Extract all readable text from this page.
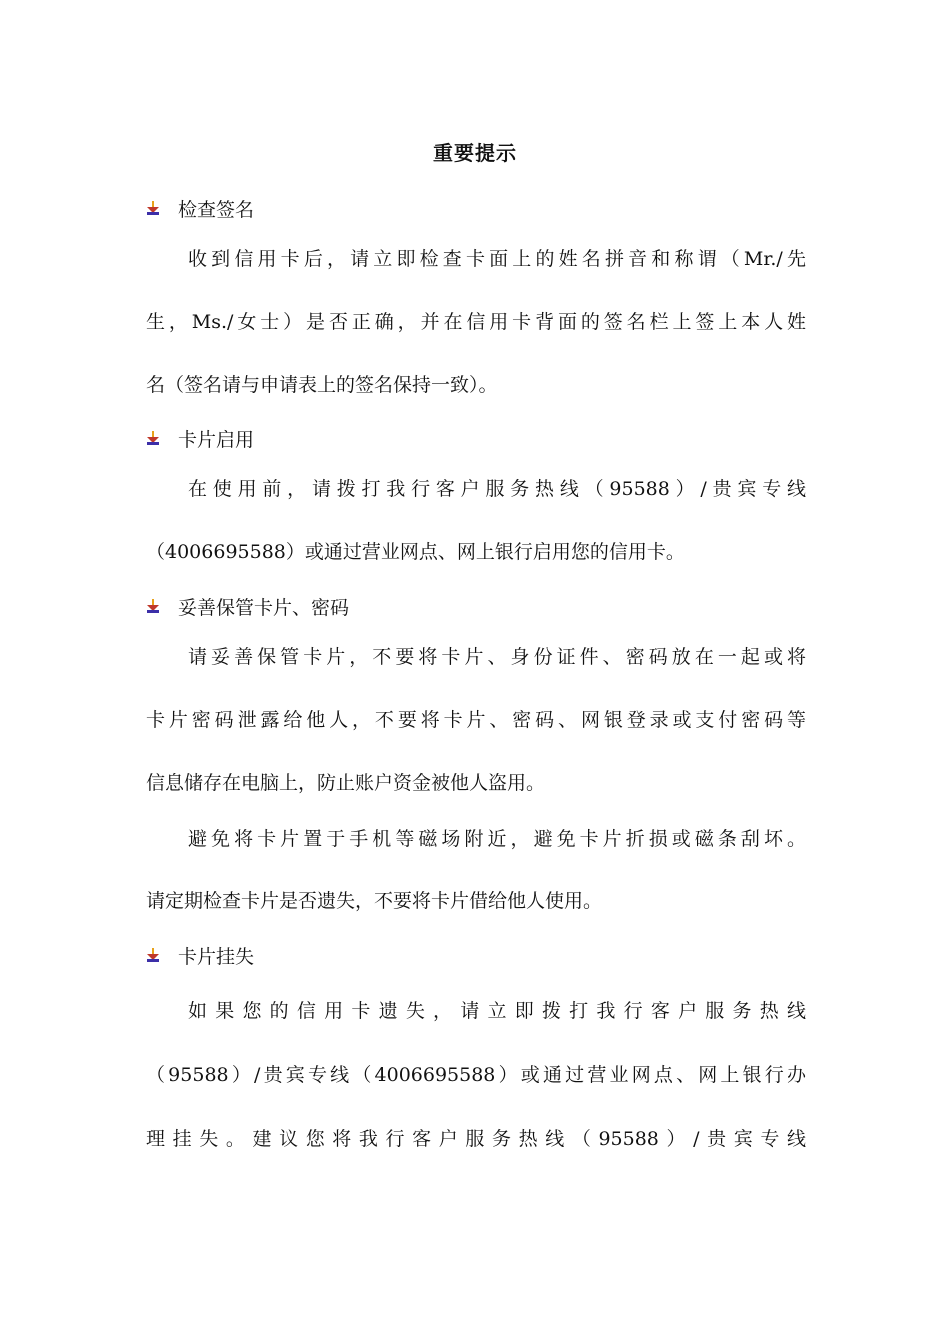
重要提示
检查签名
收到信用卡后，请立即检查卡面上的姓名拼音和称谓（Mr./先
生，Ms./女士）是否正确，并在信用卡背面的签名栏上签上本人姓
名（签名请与申请表上的签名保持一致）。
卡片启用
在使用前，请拨打我行客户服务热线（95588）/贵宾专线
（4006695588）或通过营业网点、网上银行启用您的信用卡。
妥善保管卡片、密码
请妥善保管卡片，不要将卡片、身份证件、密码放在一起或将
卡片密码泄露给他人，不要将卡片、密码、网银登录或支付密码等
信息储存在电脑上，防止账户资金被他人盗用。
避免将卡片置于手机等磁场附近，避免卡片折损或磁条刮坏。
请定期检查卡片是否遗失，不要将卡片借给他人使用。
卡片挂失
如果您的信用卡遗失，请立即拨打我行客户服务热线
（95588）/贵宾专线（4006695588）或通过营业网点、网上银行办
理挂失。建议您将我行客户服务热线（95588）/贵宾专线
